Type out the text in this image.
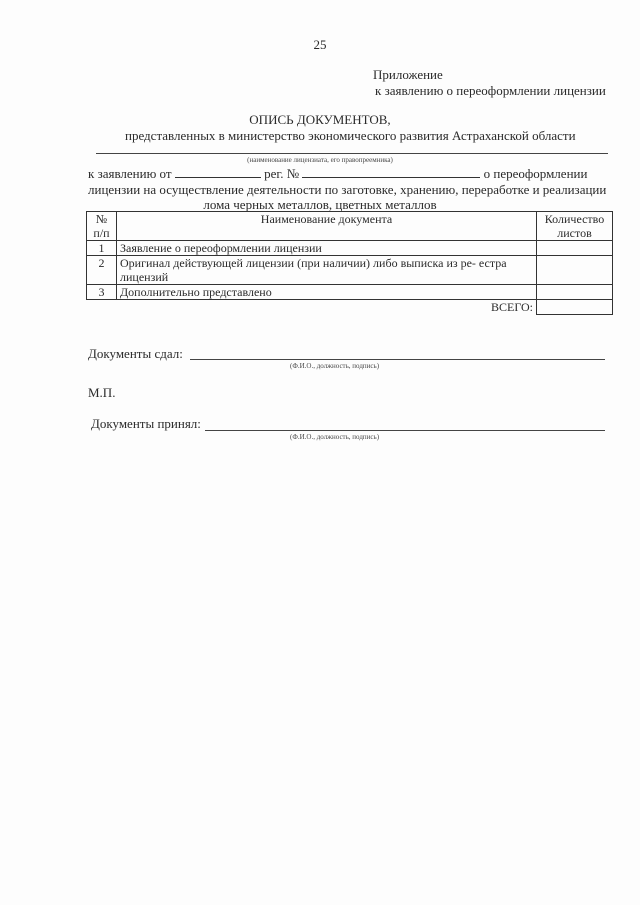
25
Приложение
к заявлению о переоформлении лицензии
ОПИСЬ ДОКУМЕНТОВ,
представленных в министерство экономического развития Астраханской области
(наименование лицензиата, его правопреемника)
к заявлению от	рег. №	о переоформлении
лицензии на осуществление деятельности по заготовке, хранению, переработке и реализации
лома черных металлов, цветных металлов
№ п/п	Наименование документа	Количество листов
1	Заявление о переоформлении лицензии	
2	Оригинал действующей лицензии (при наличии) либо выписка из ре- естра лицензий	
3	Дополнительно представлено	
	ВСЕГО:	
Документы сдал:
(Ф.И.О., должность, подпись)
М.П.
Документы принял:
(Ф.И.О., должность, подпись)
